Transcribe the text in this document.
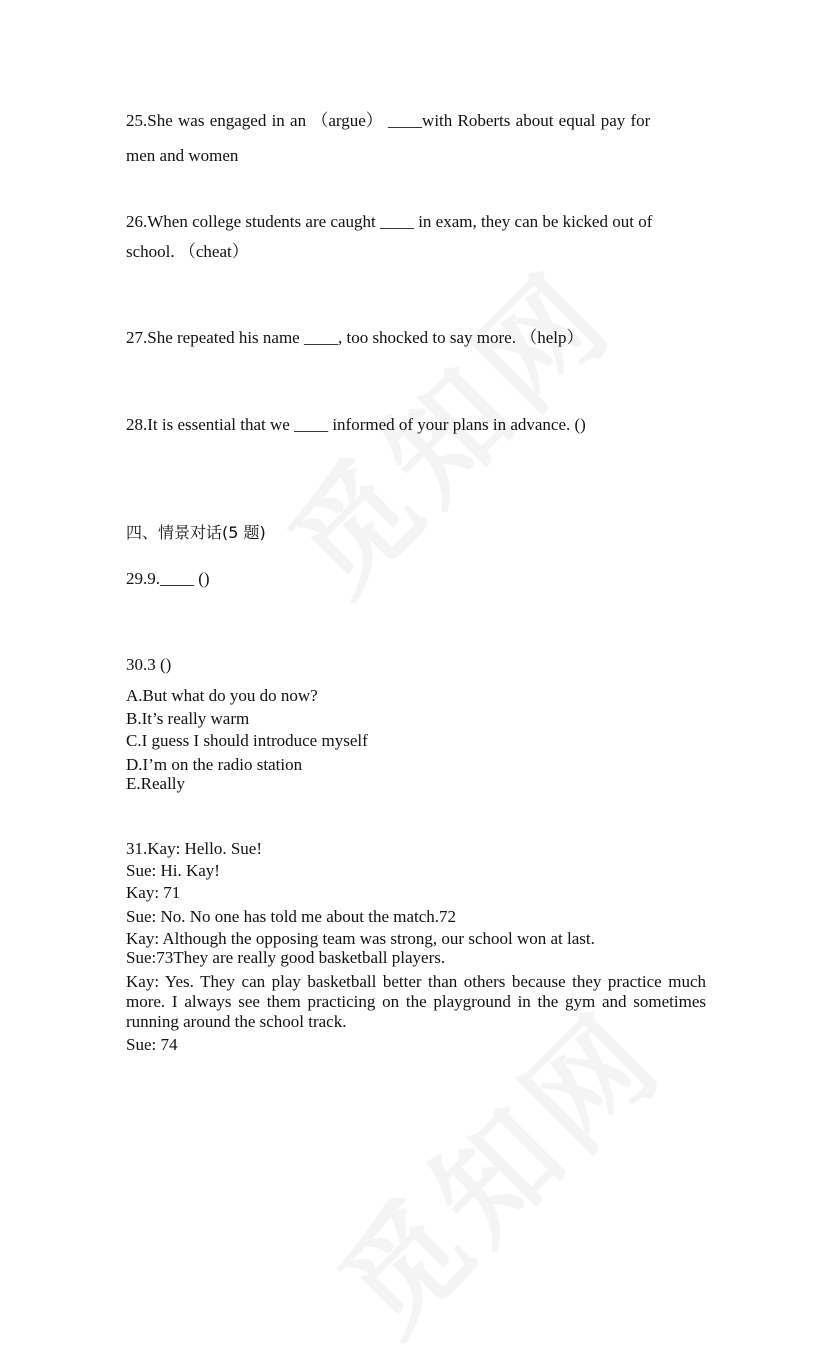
25.She was engaged in an （argue） ____with Roberts about equal pay for
men and women
26.When college students are caught ____ in exam, they can be kicked out of
school. （cheat）
27.She repeated his name ____, too shocked to say more. （help）
28.It is essential that we ____ informed of your plans in advance. ()
四、情景对话(5 题)
29.9.____ ()
30.3 ()
A.But what do you do now?
B.It’s really warm
C.I guess I should introduce myself
D.I’m on the radio station
E.Really
31.Kay: Hello. Sue!
Sue: Hi. Kay!
Kay: 71
Sue: No. No one has told me about the match.72
Kay: Although the opposing team was strong, our school won at last.
Sue:73They are really good basketball players.
Kay: Yes. They can play basketball better than others because they practice much more. I always see them practicing on the playground in the gym and sometimes running around the school track.
Sue: 74
